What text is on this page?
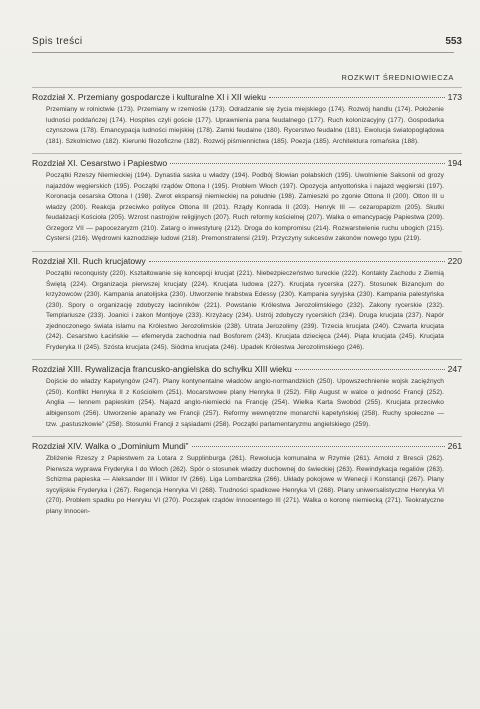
Spis treści	553
ROZKWIT ŚREDNIOWIECZA
Rozdział X. Przemiany gospodarcze i kulturalne XI i XII wieku	173
Przemiany w rolnictwie (173). Przemiany w rzemiośle (173). Odradzanie się życia miejskiego (174). Rozwój handlu (174). Położenie ludności poddańczej (174). Hospites czyli goście (177). Uprawnienia pana feudalnego (177). Ruch kolonizacyjny (177). Gospodarka czynszowa (178). Emancypacja ludności miejskiej (178). Zamki feudalne (180). Rycerstwo feudalne (181). Ewolucja światopoglądowa (181). Szkolnictwo (182). Kierunki filozoficzne (182). Rozwój piśmiennictwa (185). Poezja (185). Architektura romańska (188).
Rozdział XI. Cesarstwo i Papiestwo	194
Początki Rzeszy Niemieckiej (194). Dynastia saska u władzy (194). Podbój Słowian połabskich (195). Uwolnienie Saksonii od grozy najazdów węgierskich (195). Początki rządów Ottona I (195). Problem Włoch (197). Opozycja antyottońska i najazd węgierski (197). Koronacja cesarska Ottona I (198). Zwrot ekspansji niemieckiej na południe (198). Zamieszki po zgonie Ottona II (200). Otton III u władzy (200). Reakcja przeciwko polityce Ottona III (201). Rządy Konrada II (203). Henryk III — cezaropapizm (205). Skutki feudalizacji Kościoła (205). Wzrost nastrojów religijnych (207). Ruch reformy kościelnej (207). Walka o emancypację Papiestwa (209). Grzegorz VII — papocezaryzm (210). Zatarg o inwestyturę (212). Droga do kompromisu (214). Rozwarstwienie ruchu ubogich (215). Cystersi (216). Wędrowni kaznodzieje ludowi (218). Premonstratensi (219). Przyczyny sukcesów zakonów nowego typu (219).
Rozdział XII. Ruch krucjatowy	220
Początki reconquisty (220). Kształtowanie się koncepcji krucjat (221). Niebezpieczeństwo tureckie (222). Kontakty Zachodu z Ziemią Świętą (224). Organizacja pierwszej krucjaty (224). Krucjata ludowa (227). Krucjata rycerska (227). Stosunek Bizancjum do krzyżowców (230). Kampania anatolijska (230). Utworzenie hrabstwa Edessy (230). Kampania syryjska (230). Kampania palestyńska (230). Spory o organizację zdobyczy łacinników (221). Powstanie Królestwa Jerozolimskiego (232). Zakony rycerskie (232). Templariusze (233). Joanici i zakon Montjoye (233). Krzyżacy (234). Ustrój zdobyczy rycerskich (234). Druga krucjata (237). Napór zjednoczonego świata islamu na Królestwo Jerozolimskie (238). Utrata Jerozolimy (239). Trzecia krucjata (240). Czwarta krucjata (242). Cesarstwo Łacińskie — efemeryda zachodnia nad Bosforem (243). Krucjata dziecięca (244). Piąta krucjata (245). Krucjata Fryderyka II (245). Szósta krucjata (245). Siódma krucjata (246). Upadek Królestwa Jerozolimskiego (246).
Rozdział XIII. Rywalizacja francusko-angielska do schyłku XIII wieku	247
Dojście do władzy Kapetyngów (247). Plany kontynentalne władców anglo-normandzkich (250). Upowszechnienie wojsk zaciężnych (250). Konflikt Henryka II z Kościołem (251). Mocarstwowe plany Henryka II (252). Filip August w walce o jedność Francji (252). Anglia — lennem papieskim (254). Najazd anglo-niemiecki na Francję (254). Wielka Karta Swobód (255). Krucjata przeciwko albigensom (256). Utworzenie apanaży we Francji (257). Reformy wewnętrzne monarchii kapetyńskiej (258). Ruchy społeczne — tzw. „pastuszkowie” (258). Stosunki Francji z sąsiadami (258). Początki parlamentaryzmu angielskiego (259).
Rozdział XIV. Walka o „Dominium Mundi”	261
Zbliżenie Rzeszy z Papiestwem za Lotara z Supplinburga (261). Rewolucja komunalna w Rzymie (261). Arnold z Brescii (262). Pierwsza wyprawa Fryderyka I do Włoch (262). Spór o stosunek władzy duchownej do świeckiej (263). Rewindykacja regaliów (263). Schizma papieska — Aleksander III i Wiktor IV (266). Liga Lombardzka (266). Układy pokojowe w Wenecji i Konstancji (267). Plany sycylijskie Fryderyka I (267). Regencja Henryka VI (268). Trudności spadkowe Henryka VI (268). Plany uniwersalistyczne Henryka VI (270). Problem spadku po Henryku VI (270). Początek rządów Innocentego III (271). Walka o koronę niemiecką (271). Teokratyczne plany Innocen-
